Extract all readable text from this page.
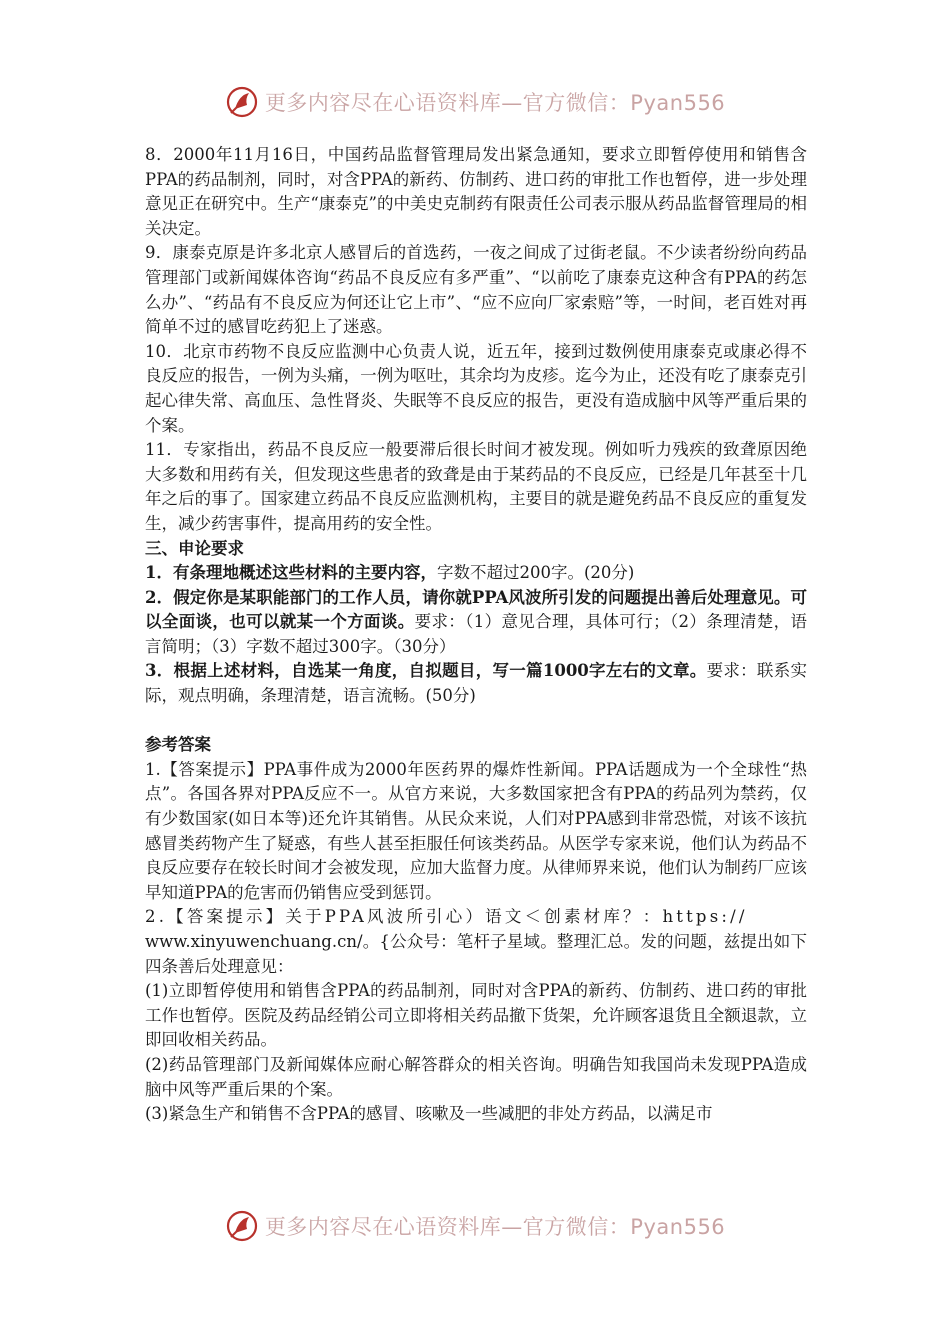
更多内容尽在心语资料库—官方微信：Pyan556

8．2000年11月16日，中国药品监督管理局发出紧急通知，要求立即暂停使用和销售含PPA的药品制剂，同时，对含PPA的新药、仿制药、进口药的审批工作也暂停，进一步处理意见正在研究中。生产“康泰克”的中美史克制药有限责任公司表示服从药品监督管理局的相关决定。

9．康泰克原是许多北京人感冒后的首选药，一夜之间成了过街老鼠。不少读者纷纷向药品管理部门或新闻媒体咨询“药品不良反应有多严重”、“以前吃了康泰克这种含有PPA的药怎么办”、“药品有不良反应为何还让它上市”、“应不应向厂家索赔”等，一时间，老百姓对再简单不过的感冒吃药犯上了迷惑。

10．北京市药物不良反应监测中心负责人说，近五年，接到过数例使用康泰克或康必得不良反应的报告，一例为头痛，一例为呕吐，其余均为皮疹。迄今为止，还没有吃了康泰克引起心律失常、高血压、急性肾炎、失眠等不良反应的报告，更没有造成脑中风等严重后果的个案。

11．专家指出，药品不良反应一般要滞后很长时间才被发现。例如听力残疾的致聋原因绝大多数和用药有关，但发现这些患者的致聋是由于某药品的不良反应，已经是几年甚至十几年之后的事了。国家建立药品不良反应监测机构，主要目的就是避免药品不良反应的重复发生，减少药害事件，提高用药的安全性。

三、申论要求

1．有条理地概述这些材料的主要内容，字数不超过200字。(20分)

2．假定你是某职能部门的工作人员，请你就PPA风波所引发的问题提出善后处理意见。可以全面谈，也可以就某一个方面谈。要求：（1）意见合理，具体可行；（2）条理清楚，语言简明；（3）字数不超过300字。（30分）

3．根据上述材料，自选某一角度，自拟题目，写一篇1000字左右的文章。要求：联系实际，观点明确，条理清楚，语言流畅。(50分)

参考答案

1.【答案提示】PPA事件成为2000年医药界的爆炸性新闻。PPA话题成为一个全球性“热点”。各国各界对PPA反应不一。从官方来说，大多数国家把含有PPA的药品列为禁药，仅有少数国家(如日本等)还允许其销售。从民众来说，人们对PPA感到非常恐慌，对该不该抗感冒类药物产生了疑惑，有些人甚至拒服任何该类药品。从医学专家来说，他们认为药品不良反应要存在较长时间才会被发现，应加大监督力度。从律师界来说，他们认为制药厂应该早知道PPA的危害而仍销售应受到惩罚。

2.【答案提示】关于PPA风波所引心）语文＜创素材库？：https://

www.xinyuwenchuang.cn/。{公众号：笔杆子星域。整理汇总。发的问题，兹提出如下四条善后处理意见：

(1)立即暂停使用和销售含PPA的药品制剂，同时对含PPA的新药、仿制药、进口药的审批工作也暂停。医院及药品经销公司立即将相关药品撤下货架，允许顾客退货且全额退款，立即回收相关药品。

(2)药品管理部门及新闻媒体应耐心解答群众的相关咨询。明确告知我国尚未发现PPA造成脑中风等严重后果的个案。

(3)紧急生产和销售不含PPA的感冒、咳嗽及一些减肥的非处方药品，以满足市

更多内容尽在心语资料库—官方微信：Pyan556
